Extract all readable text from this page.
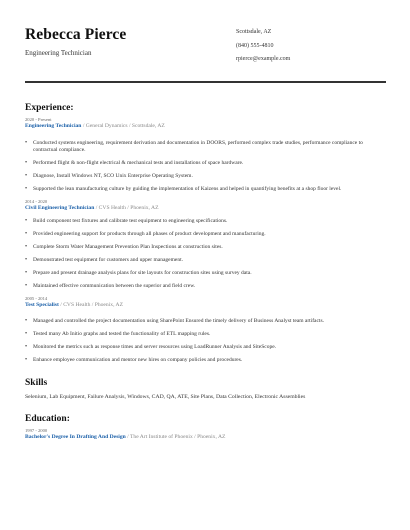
Rebecca Pierce
Engineering Technician
Scottsdale, AZ
(840) 555-4810
rpierce@example.com
Experience:
2020 - Present
Engineering Technician / General Dynamics / Scottsdale, AZ
• Conducted systems engineering, requirement derivation and documentation in DOORS, performed complex trade studies, performance compliance to contractual compliance.
• Performed flight & non-flight electrical & mechanical tests and installations of space hardware.
• Diagnose, Install Windows NT, SCO Unix Enterprise Operating System.
• Supported the lean manufacturing culture by guiding the implementation of Kaizens and helped in quantifying benefits at a shop floor level.
2014 - 2020
Civil Engineering Technician / CVS Health / Phoenix, AZ
• Build component test fixtures and calibrate test equipment to engineering specifications.
• Provided engineering support for products through all phases of product development and manufacturing.
• Complete Storm Water Management Prevention Plan Inspections at construction sites.
• Demonstrated test equipment for customers and upper management.
• Prepare and present drainage analysis plans for site layouts for construction sites using survey data.
• Maintained effective communication between the superior and field crew.
2005 - 2014
Test Specialist / CVS Health / Phoenix, AZ
• Managed and controlled the project documentation using SharePoint Ensured the timely delivery of Business Analyst team artifacts.
• Tested many Ab Initio graphs and tested the functionality of ETL mapping rules.
• Monitored the metrics such as response times and server resources using LoadRunner Analysis and SiteScope.
• Enhance employee communication and mentor new hires on company policies and procedures.
Skills
Selenium, Lab Equipment, Failure Analysis, Windows, CAD, QA, ATE, Site Plans, Data Collection, Electronic Assemblies
Education:
1997 - 2000
Bachelor's Degree In Drafting And Design / The Art Institute of Phoenix / Phoenix, AZ
